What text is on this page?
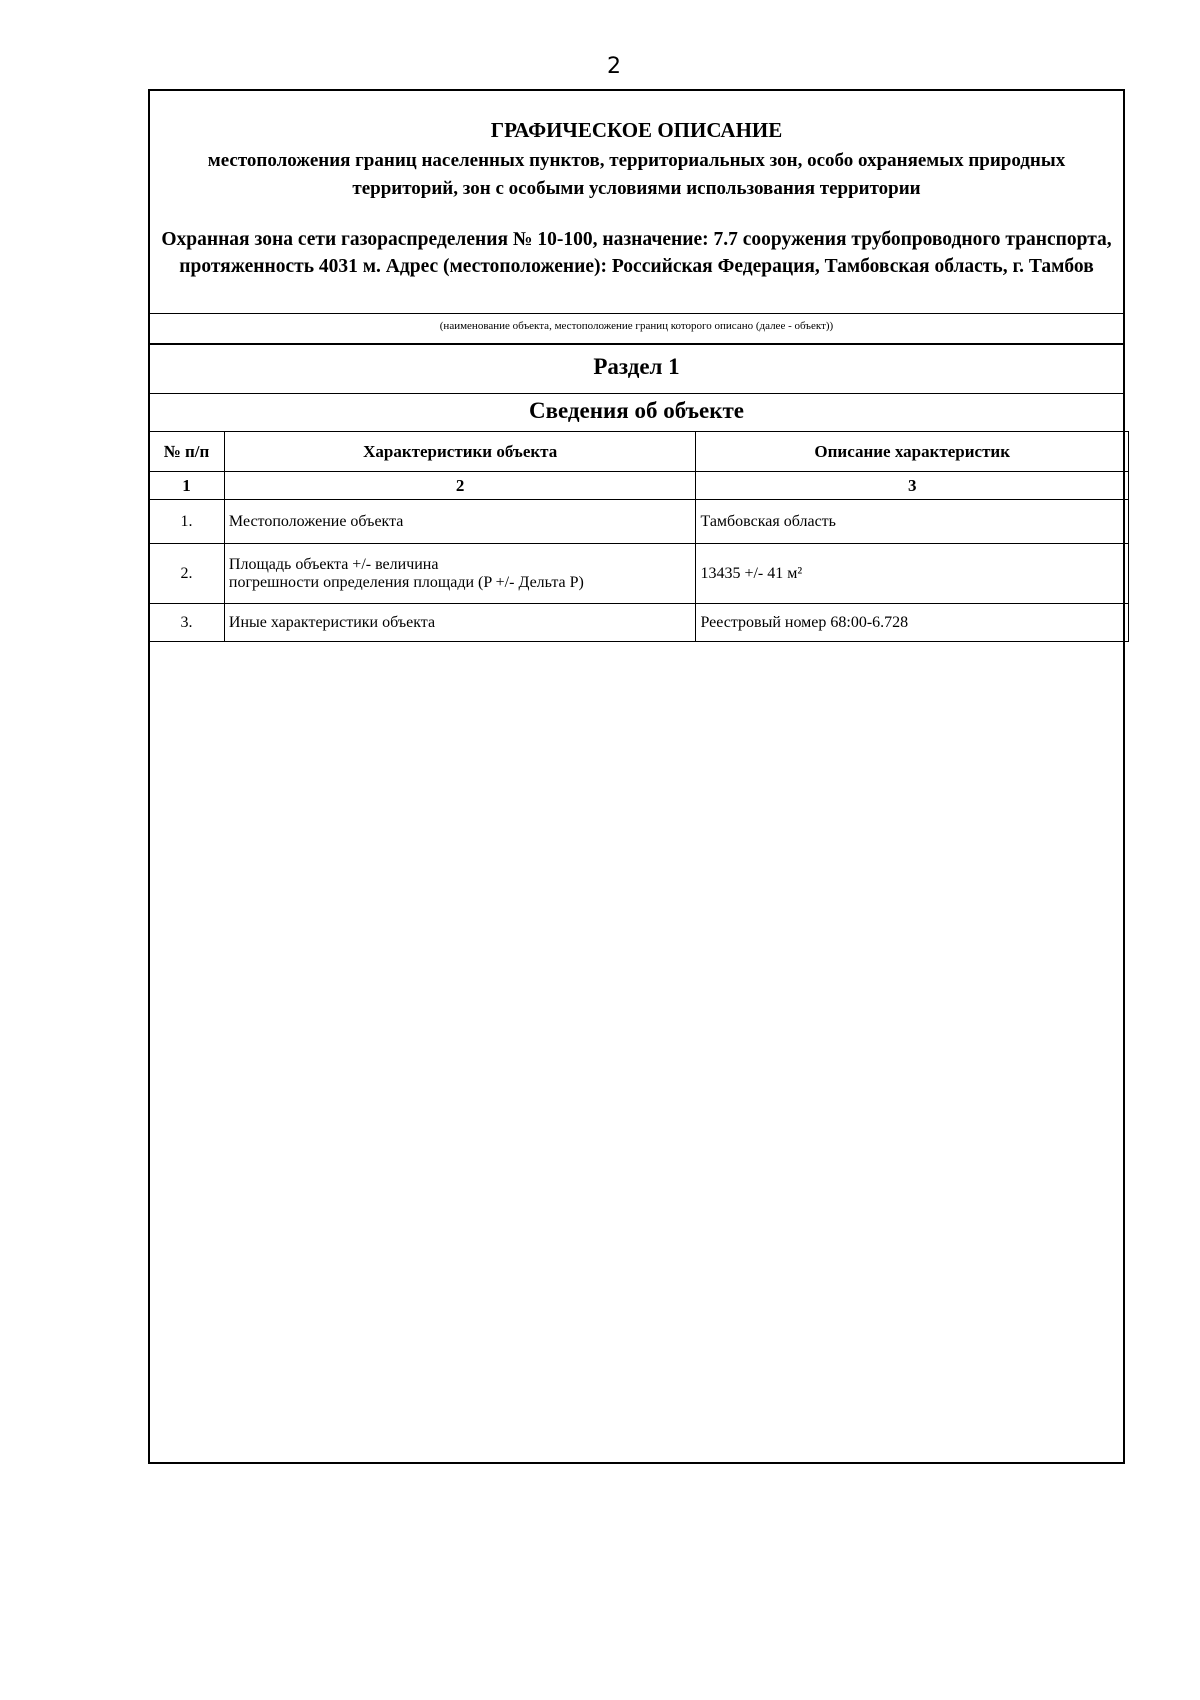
2
ГРАФИЧЕСКОЕ ОПИСАНИЕ
местоположения границ населенных пунктов, территориальных зон, особо охраняемых природных территорий, зон с особыми условиями использования территории
Охранная зона сети газораспределения № 10-100, назначение: 7.7 сооружения трубопроводного транспорта, протяженность 4031 м. Адрес (местоположение): Российская Федерация, Тамбовская область, г. Тамбов
(наименование объекта, местоположение границ которого описано (далее - объект))
Раздел 1
Сведения об объекте
№ п/п	Характеристики объекта	Описание характеристик
1	2	3
1.	Местоположение объекта	Тамбовская область
2.	Площадь объекта +/- величина
погрешности определения площади (P +/- Дельта P)	13435 +/- 41 м²
3.	Иные характеристики объекта	Реестровый номер 68:00-6.728
